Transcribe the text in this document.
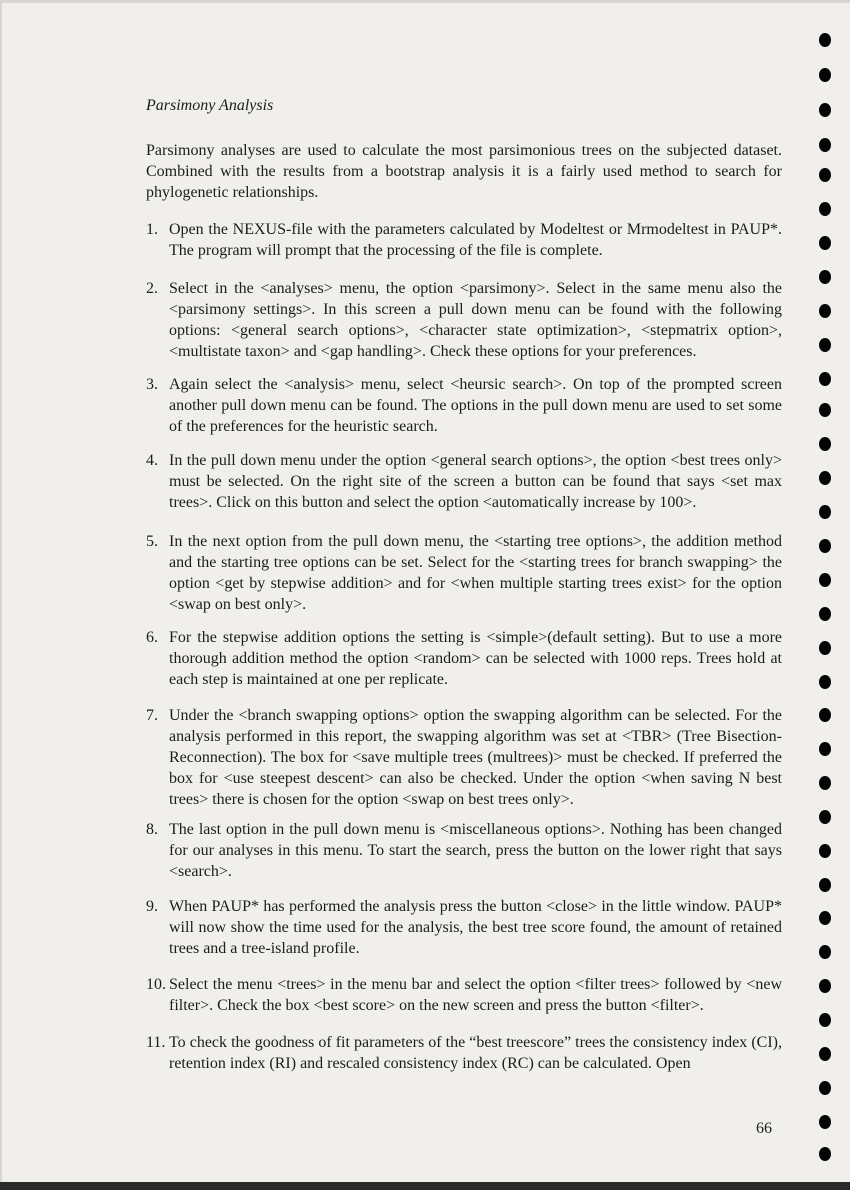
Parsimony Analysis

Parsimony analyses are used to calculate the most parsimonious trees on the subjected dataset. Combined with the results from a bootstrap analysis it is a fairly used method to search for phylogenetic relationships.

1. Open the NEXUS-file with the parameters calculated by Modeltest or Mrmodeltest in PAUP*. The program will prompt that the processing of the file is complete.

2. Select in the <analyses> menu, the option <parsimony>. Select in the same menu also the <parsimony settings>. In this screen a pull down menu can be found with the following options: <general search options>, <character state optimization>, <stepmatrix option>, <multistate taxon> and <gap handling>. Check these options for your preferences.

3. Again select the <analysis> menu, select <heursic search>. On top of the prompted screen another pull down menu can be found. The options in the pull down menu are used to set some of the preferences for the heuristic search.

4. In the pull down menu under the option <general search options>, the option <best trees only> must be selected. On the right site of the screen a button can be found that says <set max trees>. Click on this button and select the option <automatically increase by 100>.

5. In the next option from the pull down menu, the <starting tree options>, the addition method and the starting tree options can be set. Select for the <starting trees for branch swapping> the option <get by stepwise addition> and for <when multiple starting trees exist> for the option <swap on best only>.

6. For the stepwise addition options the setting is <simple>(default setting). But to use a more thorough addition method the option <random> can be selected with 1000 reps. Trees hold at each step is maintained at one per replicate.

7. Under the <branch swapping options> option the swapping algorithm can be selected. For the analysis performed in this report, the swapping algorithm was set at <TBR> (Tree Bisection-Reconnection). The box for <save multiple trees (multrees)> must be checked. If preferred the box for <use steepest descent> can also be checked. Under the option <when saving N best trees> there is chosen for the option <swap on best trees only>.

8. The last option in the pull down menu is <miscellaneous options>. Nothing has been changed for our analyses in this menu. To start the search, press the button on the lower right that says <search>.

9. When PAUP* has performed the analysis press the button <close> in the little window. PAUP* will now show the time used for the analysis, the best tree score found, the amount of retained trees and a tree-island profile.

10. Select the menu <trees> in the menu bar and select the option <filter trees> followed by <new filter>. Check the box <best score> on the new screen and press the button <filter>.

11. To check the goodness of fit parameters of the “best treescore” trees the consistency index (CI), retention index (RI) and rescaled consistency index (RC) can be calculated. Open

66
